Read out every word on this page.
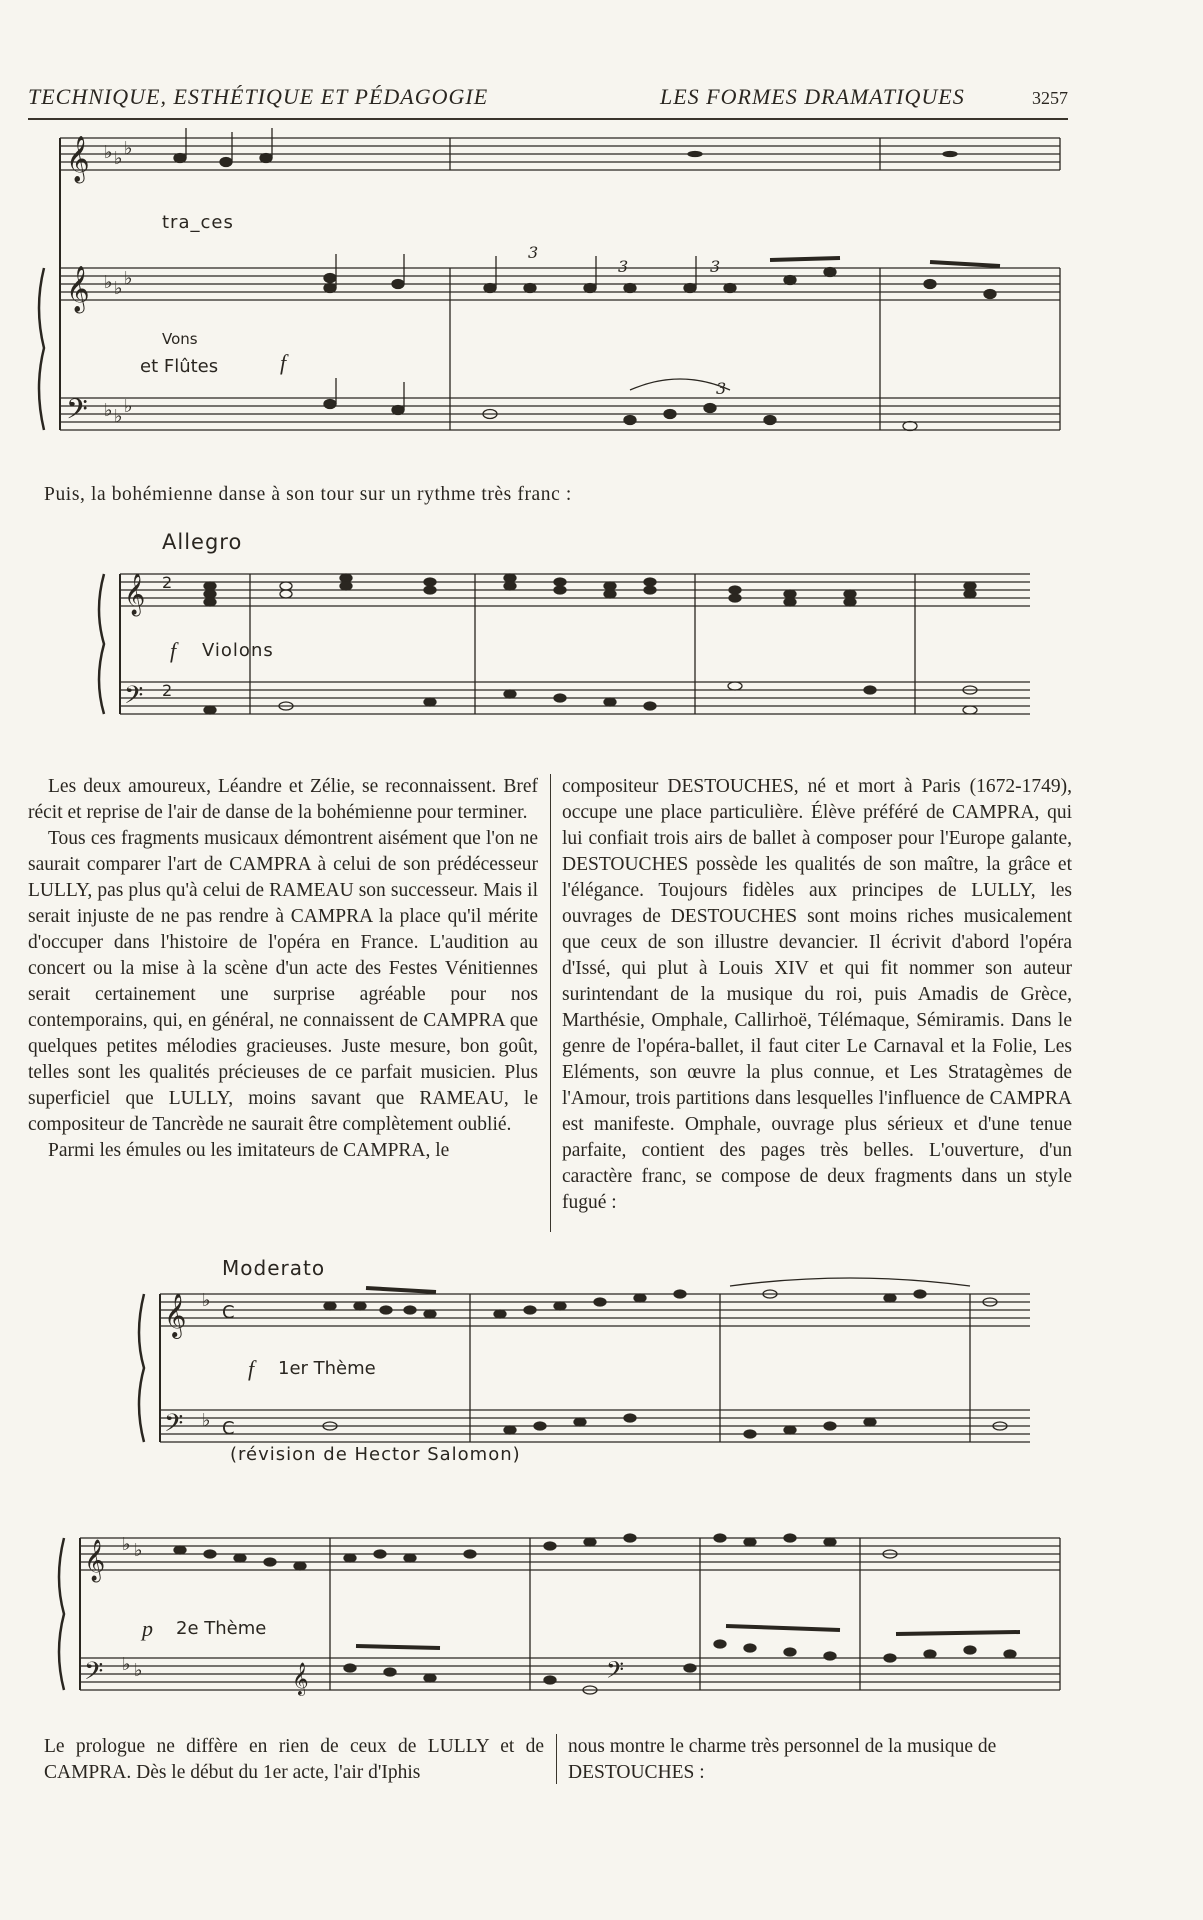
TECHNIQUE, ESTHÉTIQUE ET PÉDAGOGIE	LES FORMES DRAMATIQUES	3257
𝄞
𝄞
𝄢
♭ ♭ ♭
♭ ♭ ♭
♭ ♭ ♭
3
3	3
3
tra_ces
Vons
et Flûtes	f
Puis, la bohémienne danse à son tour sur un rythme très franc :
Allegro
𝄞
𝄢
2
2
f Violons

Les deux amoureux, Léandre et Zélie, se reconnaissent. Bref récit et reprise de l'air de danse de la bohémienne pour terminer.

Tous ces fragments musicaux démontrent aisément que l'on ne saurait comparer l'art de CAMPRA à celui de son prédécesseur LULLY, pas plus qu'à celui de RAMEAU son successeur. Mais il serait injuste de ne pas rendre à CAMPRA la place qu'il mérite d'occuper dans l'histoire de l'opéra en France. L'audition au concert ou la mise à la scène d'un acte des Festes Vénitiennes serait certainement une surprise agréable pour nos contemporains, qui, en général, ne connaissent de CAMPRA que quelques petites mélodies gracieuses. Juste mesure, bon goût, telles sont les qualités précieuses de ce parfait musicien. Plus superficiel que LULLY, moins savant que RAMEAU, le compositeur de Tancrède ne saurait être complètement oublié.

Parmi les émules ou les imitateurs de CAMPRA, le

compositeur DESTOUCHES, né et mort à Paris (1672-1749), occupe une place particulière. Élève préféré de CAMPRA, qui lui confiait trois airs de ballet à composer pour l'Europe galante, DESTOUCHES possède les qualités de son maître, la grâce et l'élégance. Toujours fidèles aux principes de LULLY, les ouvrages de DESTOUCHES sont moins riches musicalement que ceux de son illustre devancier. Il écrivit d'abord l'opéra d'Issé, qui plut à Louis XIV et qui fit nommer son auteur surintendant de la musique du roi, puis Amadis de Grèce, Marthésie, Omphale, Callirhoë, Télémaque, Sémiramis. Dans le genre de l'opéra-ballet, il faut citer Le Carnaval et la Folie, Les Eléments, son œuvre la plus connue, et Les Stratagèmes de l'Amour, trois partitions dans lesquelles l'influence de CAMPRA est manifeste. Omphale, ouvrage plus sérieux et d'une tenue parfaite, contient des pages très belles. L'ouverture, d'un caractère franc, se compose de deux fragments dans un style fugué :

Moderato
𝄞
𝄢
♭
♭
C
C
f 1er Thème
(révision de Hector Salomon)
𝄞
𝄢	𝄞	𝄢
♭ ♭
♭ ♭
p 2e Thème
Le prologue ne diffère en rien de ceux de LULLY et de CAMPRA. Dès le début du 1er acte, l'air d'Iphis
nous montre le charme très personnel de la musique de DESTOUCHES :
